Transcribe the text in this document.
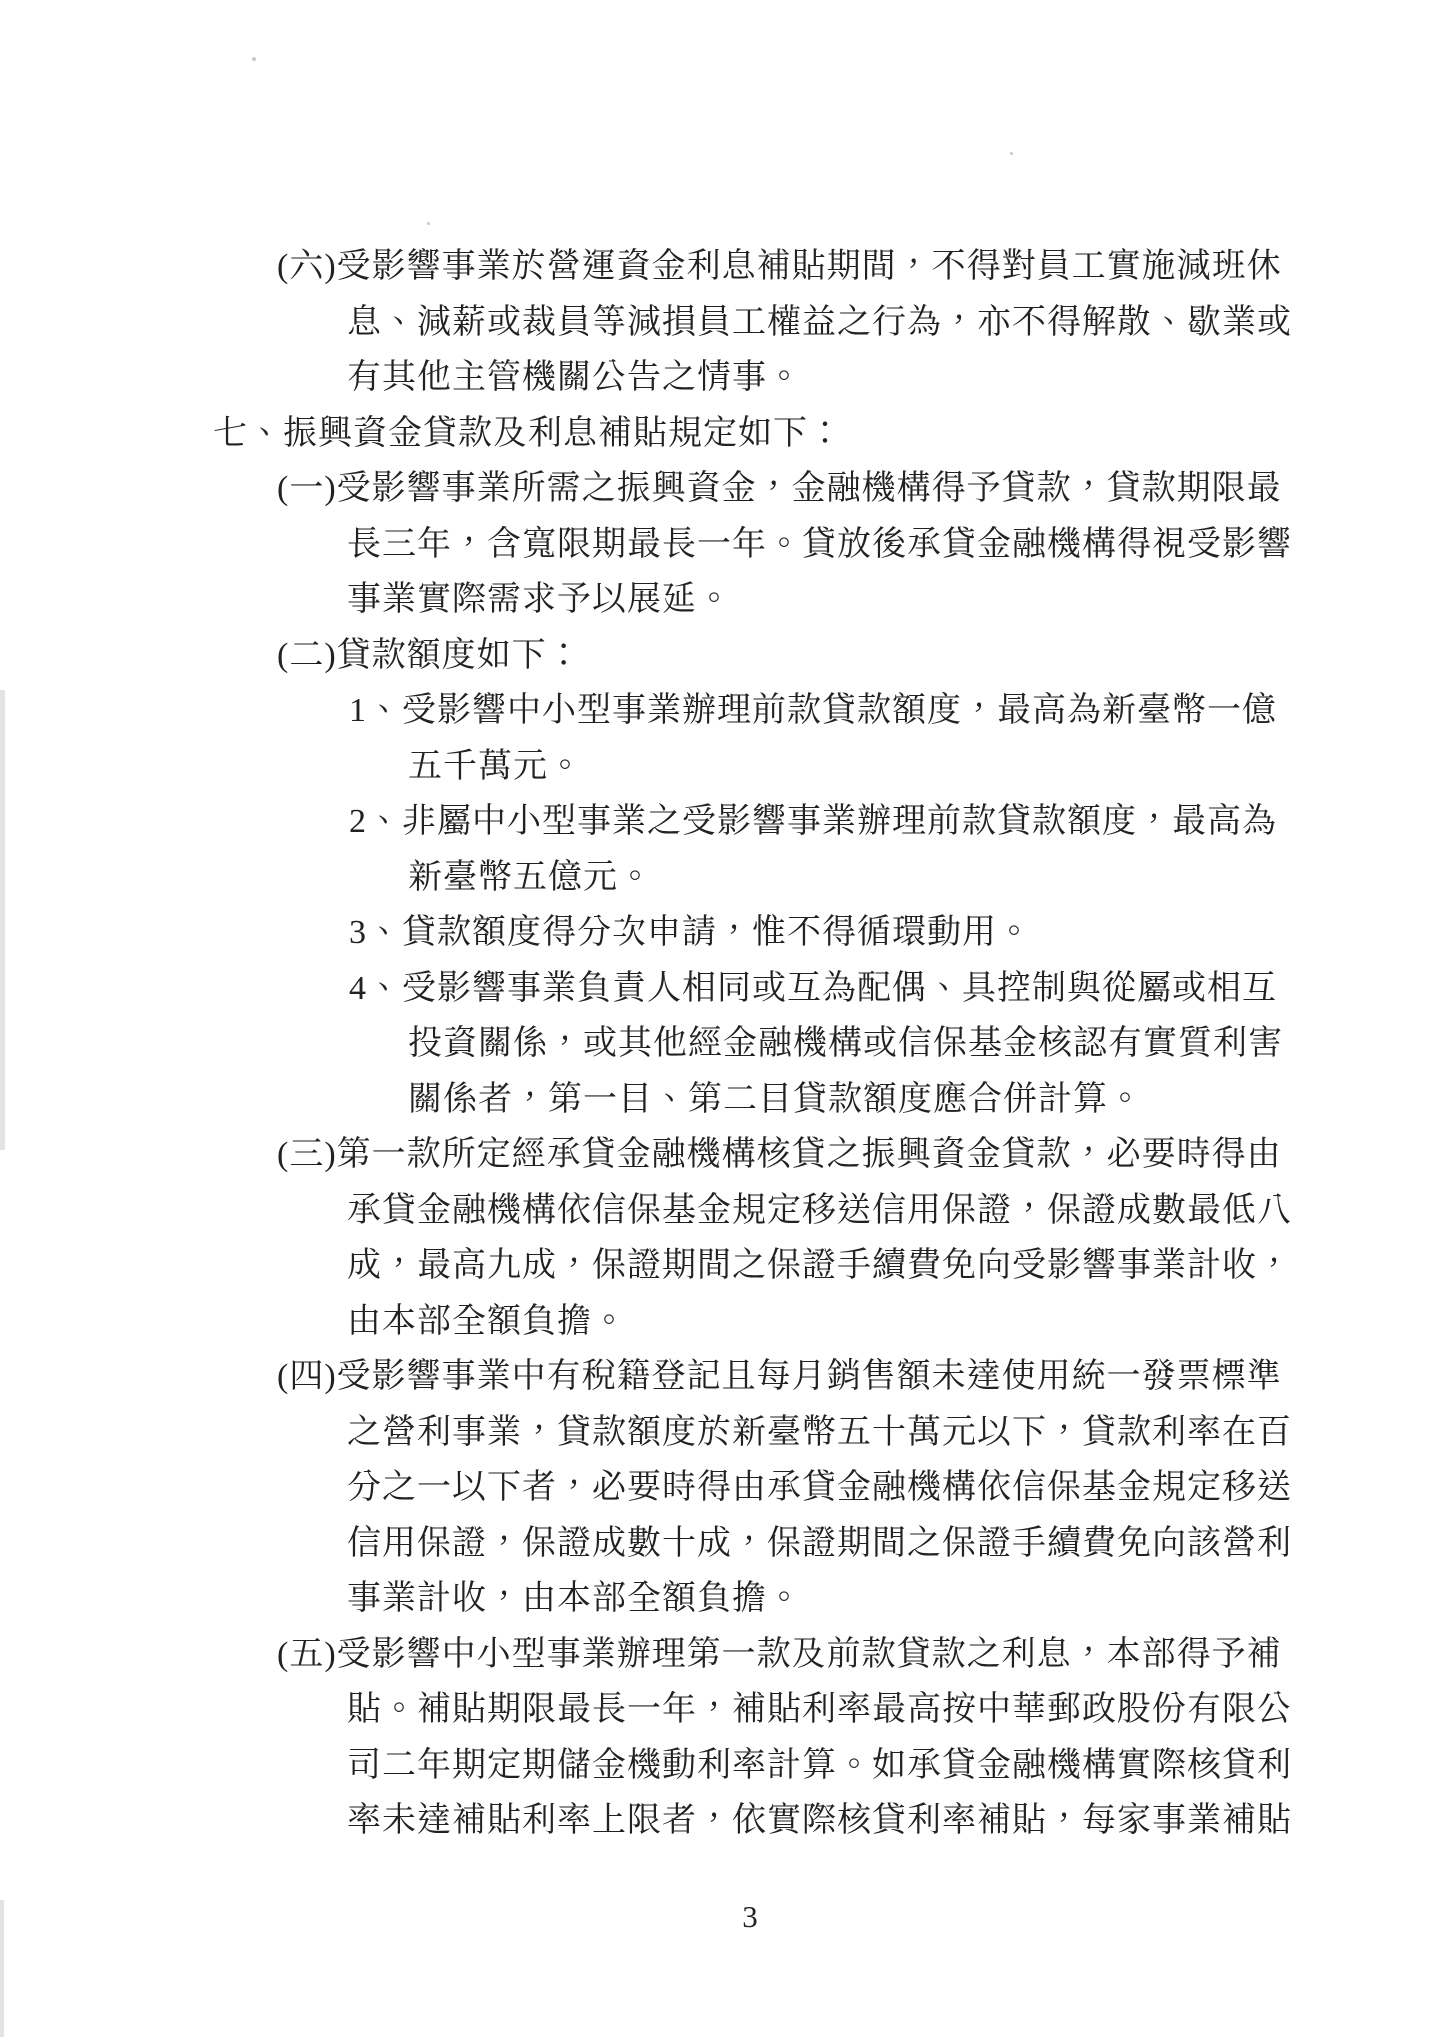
(六)受影響事業於營運資金利息補貼期間，不得對員工實施減班休
息、減薪或裁員等減損員工權益之行為，亦不得解散、歇業或
有其他主管機關公告之情事。
七、振興資金貸款及利息補貼規定如下：
(一)受影響事業所需之振興資金，金融機構得予貸款，貸款期限最
長三年，含寬限期最長一年。貸放後承貸金融機構得視受影響
事業實際需求予以展延。
(二)貸款額度如下：
1、受影響中小型事業辦理前款貸款額度，最高為新臺幣一億
五千萬元。
2、非屬中小型事業之受影響事業辦理前款貸款額度，最高為
新臺幣五億元。
3、貸款額度得分次申請，惟不得循環動用。
4、受影響事業負責人相同或互為配偶、具控制與從屬或相互
投資關係，或其他經金融機構或信保基金核認有實質利害
關係者，第一目、第二目貸款額度應合併計算。
(三)第一款所定經承貸金融機構核貸之振興資金貸款，必要時得由
承貸金融機構依信保基金規定移送信用保證，保證成數最低八
成，最高九成，保證期間之保證手續費免向受影響事業計收，
由本部全額負擔。
(四)受影響事業中有稅籍登記且每月銷售額未達使用統一發票標準
之營利事業，貸款額度於新臺幣五十萬元以下，貸款利率在百
分之一以下者，必要時得由承貸金融機構依信保基金規定移送
信用保證，保證成數十成，保證期間之保證手續費免向該營利
事業計收，由本部全額負擔。
(五)受影響中小型事業辦理第一款及前款貸款之利息，本部得予補
貼。補貼期限最長一年，補貼利率最高按中華郵政股份有限公
司二年期定期儲金機動利率計算。如承貸金融機構實際核貸利
率未達補貼利率上限者，依實際核貸利率補貼，每家事業補貼
3
